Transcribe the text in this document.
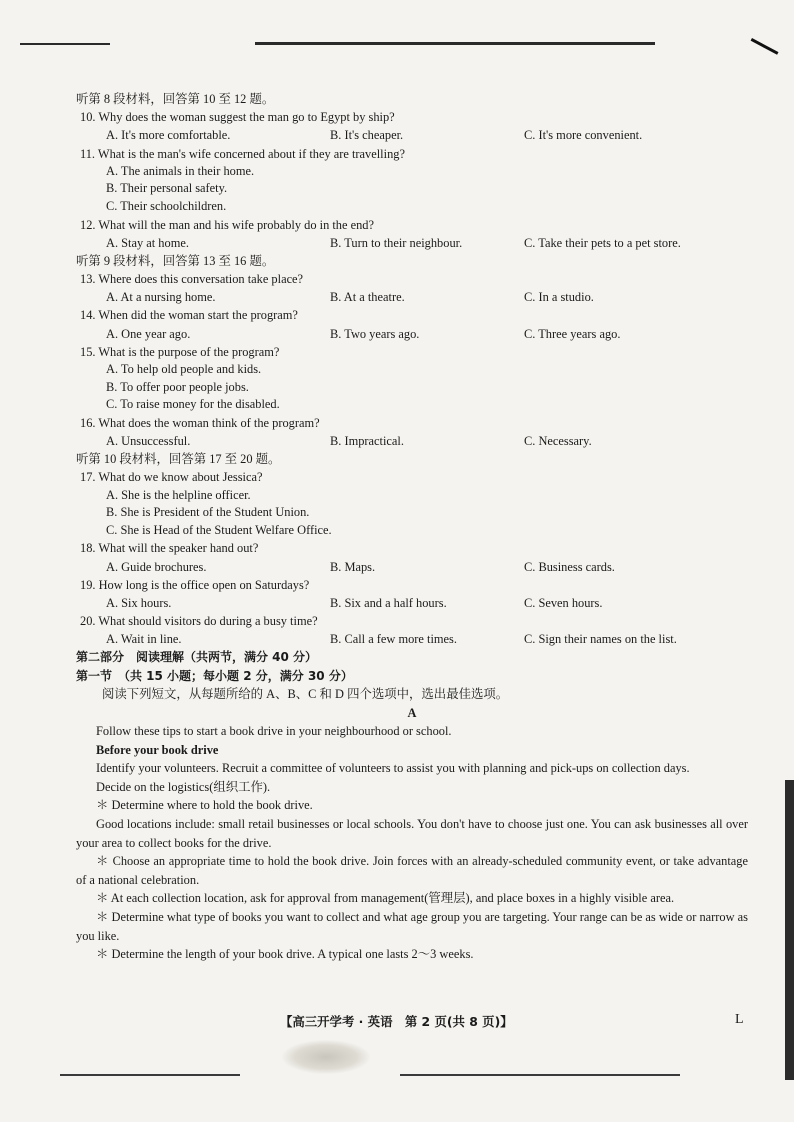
听第 8 段材料，回答第 10 至 12 题。
10. Why does the woman suggest the man go to Egypt by ship?
A. It's more comfortable.	B. It's cheaper.	C. It's more convenient.
11. What is the man's wife concerned about if they are travelling?
A. The animals in their home.
B. Their personal safety.
C. Their schoolchildren.
12. What will the man and his wife probably do in the end?
A. Stay at home.	B. Turn to their neighbour.	C. Take their pets to a pet store.
听第 9 段材料，回答第 13 至 16 题。
13. Where does this conversation take place?
A. At a nursing home.	B. At a theatre.	C. In a studio.
14. When did the woman start the program?
A. One year ago.	B. Two years ago.	C. Three years ago.
15. What is the purpose of the program?
A. To help old people and kids.
B. To offer poor people jobs.
C. To raise money for the disabled.
16. What does the woman think of the program?
A. Unsuccessful.	B. Impractical.	C. Necessary.
听第 10 段材料，回答第 17 至 20 题。
17. What do we know about Jessica?
A. She is the helpline officer.
B. She is President of the Student Union.
C. She is Head of the Student Welfare Office.
18. What will the speaker hand out?
A. Guide brochures.	B. Maps.	C. Business cards.
19. How long is the office open on Saturdays?
A. Six hours.	B. Six and a half hours.	C. Seven hours.
20. What should visitors do during a busy time?
A. Wait in line.	B. Call a few more times.	C. Sign their names on the list.
第二部分　阅读理解（共两节，满分 40 分）
第一节　（共 15 小题；每小题 2 分，满分 30 分）
阅读下列短文，从每题所给的 A、B、C 和 D 四个选项中，选出最佳选项。
A
Follow these tips to start a book drive in your neighbourhood or school.
Before your book drive
Identify your volunteers. Recruit a committee of volunteers to assist you with planning and pick-ups on collection days.
Decide on the logistics(组织工作).
＊ Determine where to hold the book drive.
Good locations include: small retail businesses or local schools. You don't have to choose just one. You can ask businesses all over your area to collect books for the drive.
＊ Choose an appropriate time to hold the book drive. Join forces with an already-scheduled community event, or take advantage of a national celebration.
＊ At each collection location, ask for approval from management(管理层), and place boxes in a highly visible area.
＊ Determine what type of books you want to collect and what age group you are targeting. Your range can be as wide or narrow as you like.
＊ Determine the length of your book drive. A typical one lasts 2～3 weeks.
【高三开学考 · 英语　第 2 页(共 8 页)】	L
